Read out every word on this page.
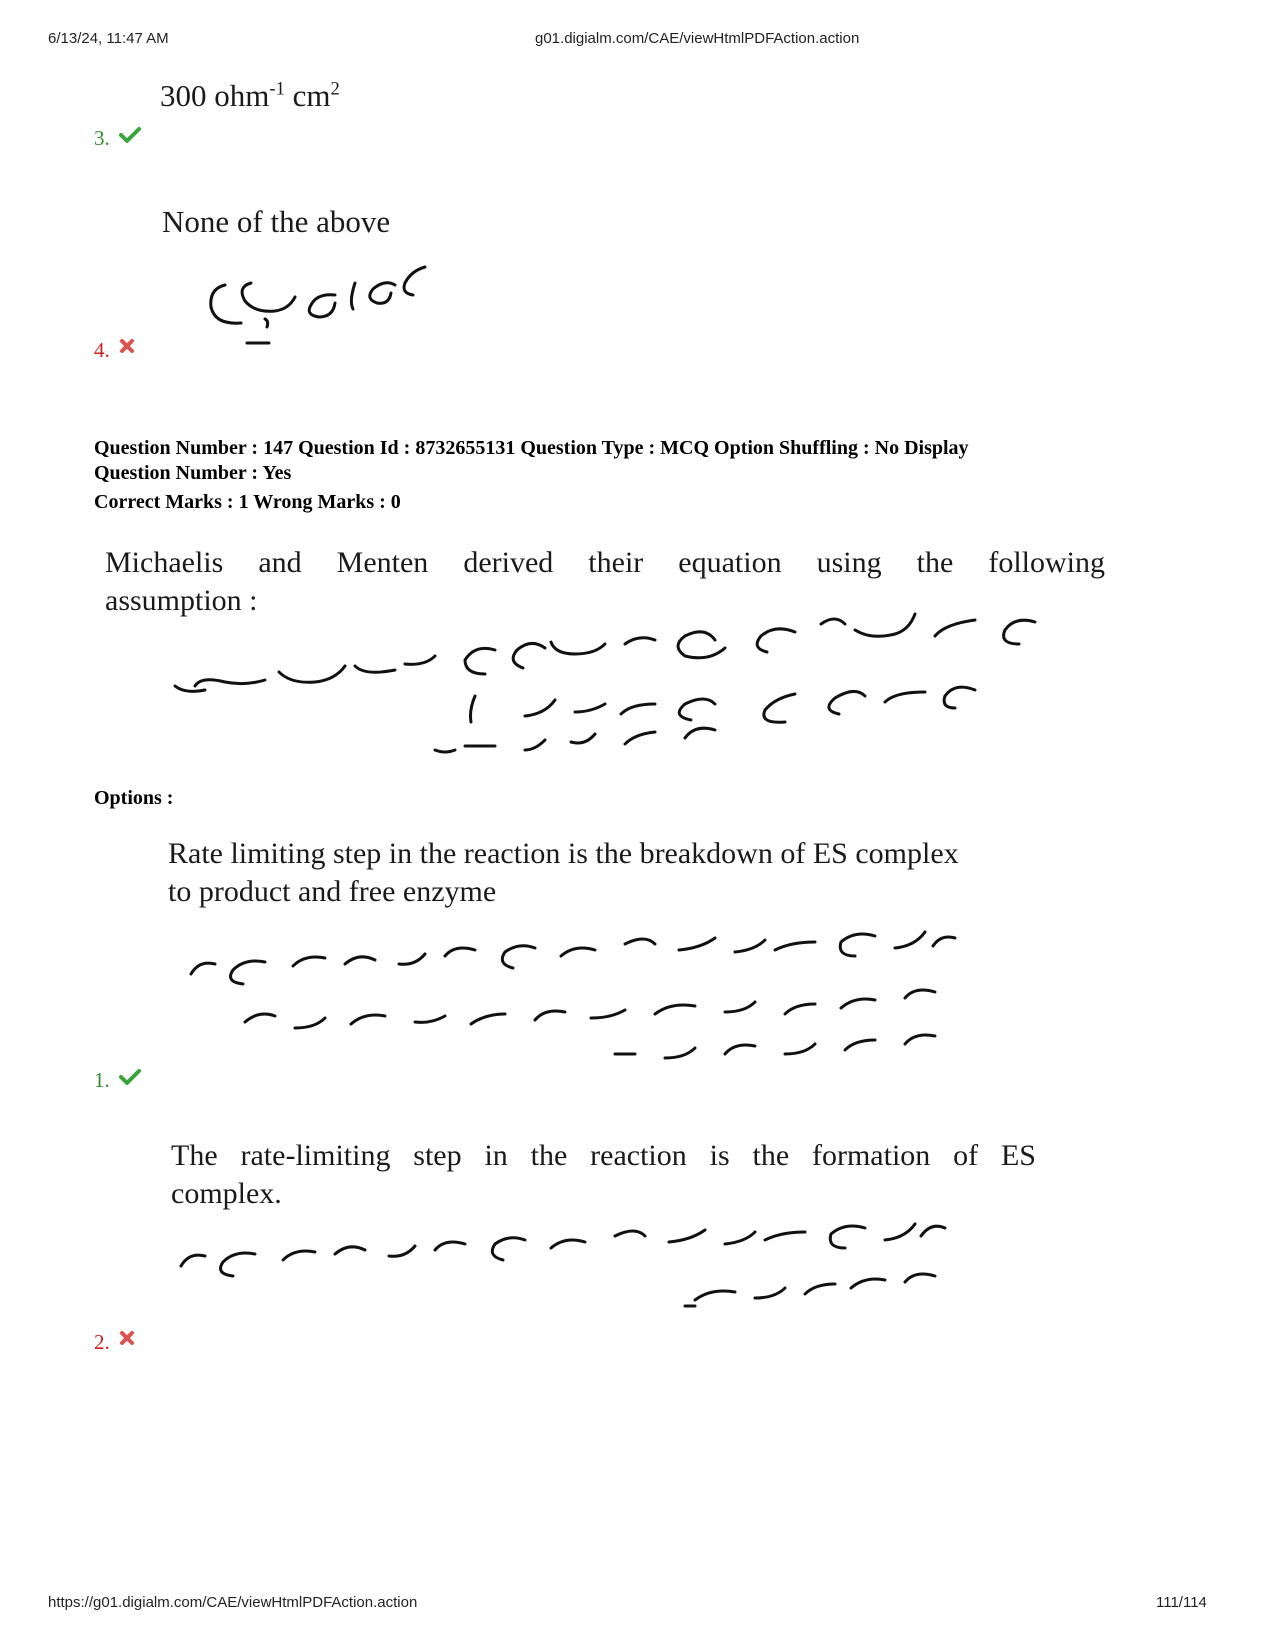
6/13/24, 11:47 AM	g01.digialm.com/CAE/viewHtmlPDFAction.action
300 ohm$^{-1}$ $cm^2$
3.
None of the above
4.
Question Number : 147 Question Id : 8732655131 Question Type : MCQ Option Shuffling : No Display
Question Number : Yes
Correct Marks : 1 Wrong Marks : 0
Michaelis and Menten derived their equation using the following
assumption :
Options :
Rate limiting step in the reaction is the breakdown of ES complex
to product and free enzyme
1.
The rate-limiting step in the reaction is the formation of ES
complex.
2.
https://g01.digialm.com/CAE/viewHtmlPDFAction.action	111/114
